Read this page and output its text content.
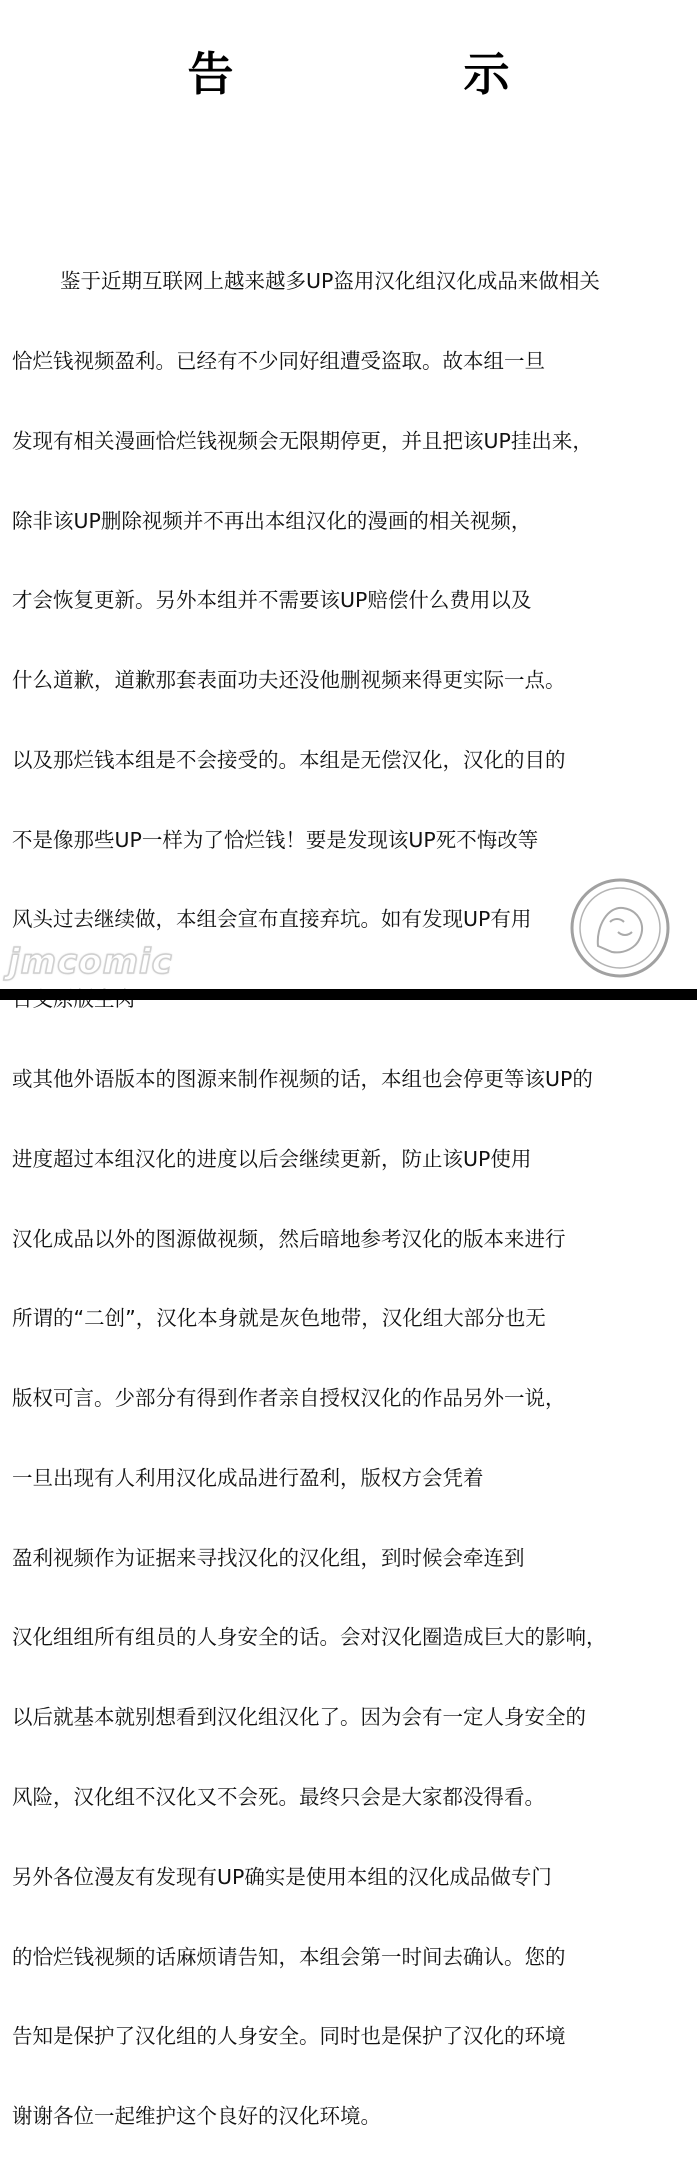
告　示

鉴于近期互联网上越来越多UP盗用汉化组汉化成品来做相关

恰烂钱视频盈利。已经有不少同好组遭受盗取。故本组一旦

发现有相关漫画恰烂钱视频会无限期停更，并且把该UP挂出来，

除非该UP删除视频并不再出本组汉化的漫画的相关视频，

才会恢复更新。另外本组并不需要该UP赔偿什么费用以及

什么道歉，道歉那套表面功夫还没他删视频来得更实际一点。

以及那烂钱本组是不会接受的。本组是无偿汉化，汉化的目的

不是像那些UP一样为了恰烂钱！要是发现该UP死不悔改等

风头过去继续做，本组会宣布直接弃坑。如有发现UP有用

或其他外语版本的图源来制作视频的话，本组也会停更等该UP的

进度超过本组汉化的进度以后会继续更新，防止该UP使用

汉化成品以外的图源做视频，然后暗地参考汉化的版本来进行

所谓的“二创”，汉化本身就是灰色地带，汉化组大部分也无

版权可言。少部分有得到作者亲自授权汉化的作品另外一说，

一旦出现有人利用汉化成品进行盈利，版权方会凭着

盈利视频作为证据来寻找汉化的汉化组，到时候会牵连到

汉化组组所有组员的人身安全的话。会对汉化圈造成巨大的影响，

以后就基本就别想看到汉化组汉化了。因为会有一定人身安全的

风险，汉化组不汉化又不会死。最终只会是大家都没得看。

另外各位漫友有发现有UP确实是使用本组的汉化成品做专门

的恰烂钱视频的话麻烦请告知，本组会第一时间去确认。您的

告知是保护了汉化组的人身安全。同时也是保护了汉化的环境

谢谢各位一起维护这个良好的汉化环境。

jmcomic
